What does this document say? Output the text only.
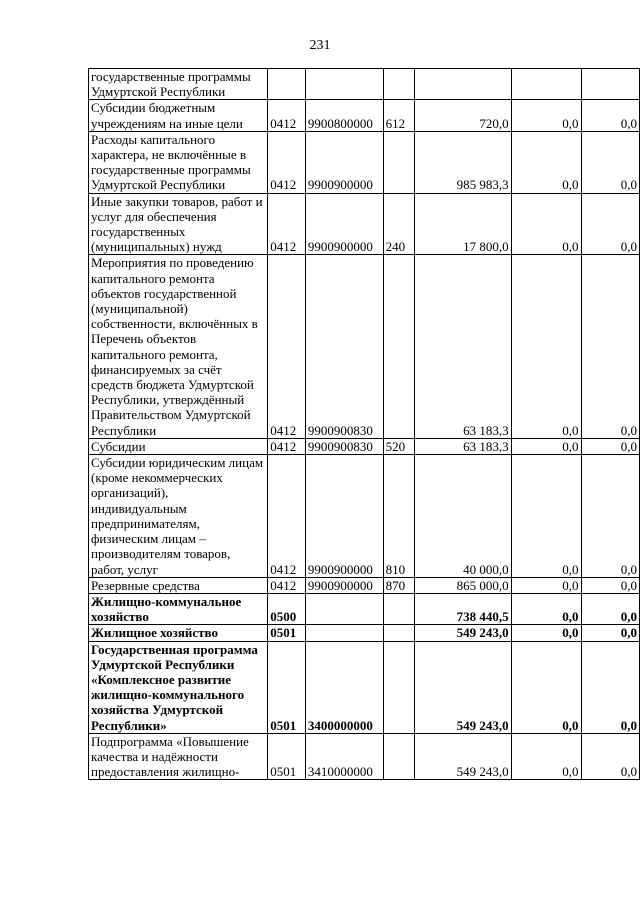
231
государственные программы Удмуртской Республики						
Субсидии бюджетным учреждениям на иные цели	0412	9900800000	612	720,0	0,0	0,0
Расходы капитального характера, не включённые в государственные программы Удмуртской Республики	0412	9900900000		985 983,3	0,0	0,0
Иные закупки товаров, работ и услуг для обеспечения государственных (муниципальных) нужд	0412	9900900000	240	17 800,0	0,0	0,0
Мероприятия по проведению капитального ремонта объектов государственной (муниципальной) собственности, включённых в Перечень объектов капитального ремонта, финансируемых за счёт средств бюджета Удмуртской Республики, утверждённый Правительством Удмуртской Республики	0412	9900900830		63 183,3	0,0	0,0
Субсидии	0412	9900900830	520	63 183,3	0,0	0,0
Субсидии юридическим лицам (кроме некоммерческих организаций), индивидуальным предпринимателям, физическим лицам – производителям товаров, работ, услуг	0412	9900900000	810	40 000,0	0,0	0,0
Резервные средства	0412	9900900000	870	865 000,0	0,0	0,0
Жилищно-коммунальное хозяйство	0500			738 440,5	0,0	0,0
Жилищное хозяйство	0501			549 243,0	0,0	0,0
Государственная программа Удмуртской Республики «Комплексное развитие жилищно-коммунального хозяйства Удмуртской Республики»	0501	3400000000		549 243,0	0,0	0,0
Подпрограмма «Повышение качества и надёжности предоставления жилищно-	0501	3410000000		549 243,0	0,0	0,0
